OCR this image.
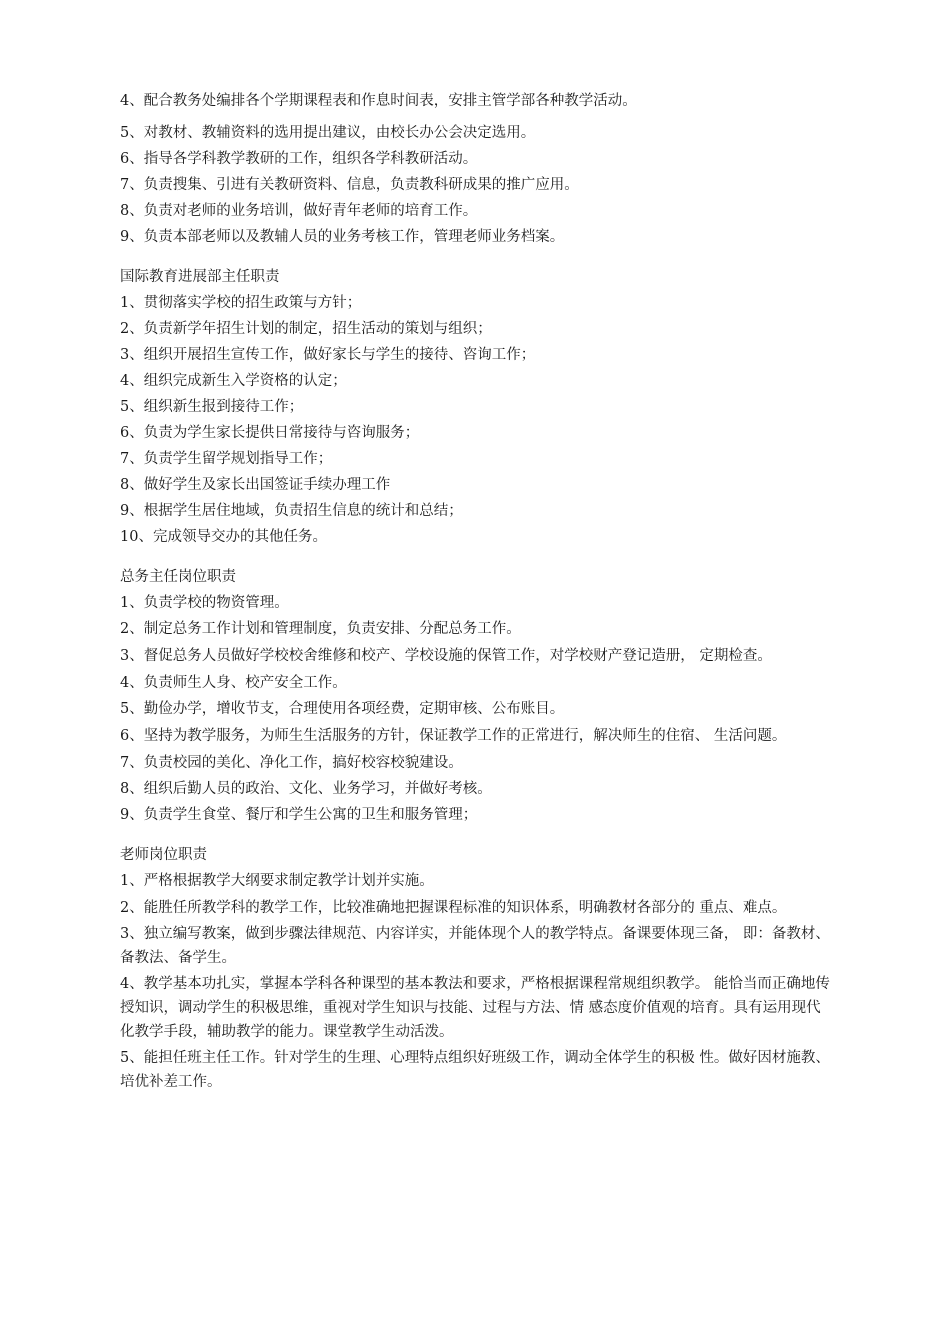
4、配合教务处编排各个学期课程表和作息时间表，安排主管学部各种教学活动。

5、对教材、教辅资料的选用提出建议，由校长办公会决定选用。

6、指导各学科教学教研的工作，组织各学科教研活动。

7、负责搜集、引进有关教研资料、信息，负责教科研成果的推广应用。

8、负责对老师的业务培训，做好青年老师的培育工作。

9、负责本部老师以及教辅人员的业务考核工作，管理老师业务档案。

国际教育进展部主任职责

1、贯彻落实学校的招生政策与方针；

2、负责新学年招生计划的制定，招生活动的策划与组织；

3、组织开展招生宣传工作，做好家长与学生的接待、咨询工作；

4、组织完成新生入学资格的认定；

5、组织新生报到接待工作；

6、负责为学生家长提供日常接待与咨询服务；

7、负责学生留学规划指导工作；

8、做好学生及家长出国签证手续办理工作

9、根据学生居住地域，负责招生信息的统计和总结；

10、完成领导交办的其他任务。

总务主任岗位职责

1、负责学校的物资管理。

2、制定总务工作计划和管理制度，负责安排、分配总务工作。

3、督促总务人员做好学校校舍维修和校产、学校设施的保管工作，对学校财产登记造册， 定期检查。

4、负责师生人身、校产安全工作。

5、勤俭办学，增收节支，合理使用各项经费，定期审核、公布账目。

6、坚持为教学服务，为师生生活服务的方针，保证教学工作的正常进行，解决师生的住宿、 生活问题。

7、负责校园的美化、净化工作，搞好校容校貌建设。

8、组织后勤人员的政治、文化、业务学习，并做好考核。

9、负责学生食堂、餐厅和学生公寓的卫生和服务管理；

老师岗位职责

1、严格根据教学大纲要求制定教学计划并实施。

2、能胜任所教学科的教学工作，比较准确地把握课程标准的知识体系，明确教材各部分的 重点、难点。

3、独立编写教案，做到步骤法律规范、内容详实，并能体现个人的教学特点。备课要体现三备， 即：备教材、备教法、备学生。

4、教学基本功扎实，掌握本学科各种课型的基本教法和要求，严格根据课程常规组织教学。 能恰当而正确地传授知识，调动学生的积极思维，重视对学生知识与技能、过程与方法、情 感态度价值观的培育。具有运用现代化教学手段，辅助教学的能力。课堂教学生动活泼。

5、能担任班主任工作。针对学生的生理、心理特点组织好班级工作，调动全体学生的积极 性。做好因材施教、培优补差工作。
